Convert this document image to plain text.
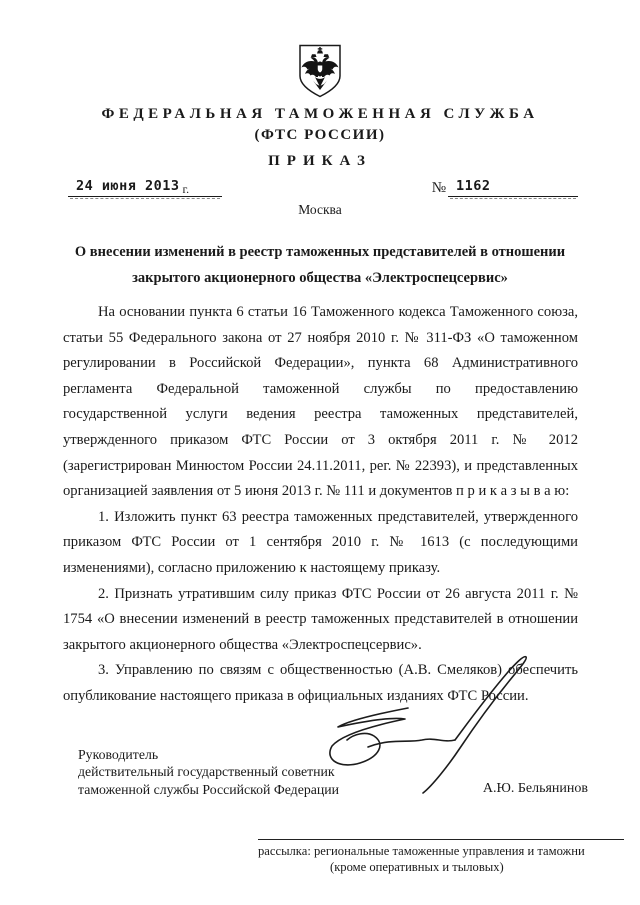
ФЕДЕРАЛЬНАЯ ТАМОЖЕННАЯ СЛУЖБА
(ФТС РОССИИ)
ПРИКАЗ
24 июня 2013 г.	№ 1162
Москва
О внесении изменений в реестр таможенных представителей в отношении закрытого акционерного общества «Электроспецсервис»

На основании пункта 6 статьи 16 Таможенного кодекса Таможенного союза, статьи 55 Федерального закона от 27 ноября 2010 г. № 311-ФЗ «О таможенном регулировании в Российской Федерации», пункта 68 Административного регламента Федеральной таможенной службы по предоставлению государственной услуги ведения реестра таможенных представителей, утвержденного приказом ФТС России от 3 октября 2011 г. № 2012 (зарегистрирован Минюстом России 24.11.2011, рег. № 22393), и представленных организацией заявления от 5 июня 2013 г. № 111 и документов п р и к а з ы в а ю:

1. Изложить пункт 63 реестра таможенных представителей, утвержденного приказом ФТС России от 1 сентября 2010 г. № 1613 (с последующими изменениями), согласно приложению к настоящему приказу.

2. Признать утратившим силу приказ ФТС России от 26 августа 2011 г. № 1754 «О внесении изменений в реестр таможенных представителей в отношении закрытого акционерного общества «Электроспецсервис».

3. Управлению по связям с общественностью (А.В. Смеляков) обеспечить опубликование настоящего приказа в официальных изданиях ФТС России.

Руководитель
действительный государственный советник
таможенной службы Российской Федерации	А.Ю. Бельянинов
рассылка: региональные таможенные управления и таможни
(кроме оперативных и тыловых)
